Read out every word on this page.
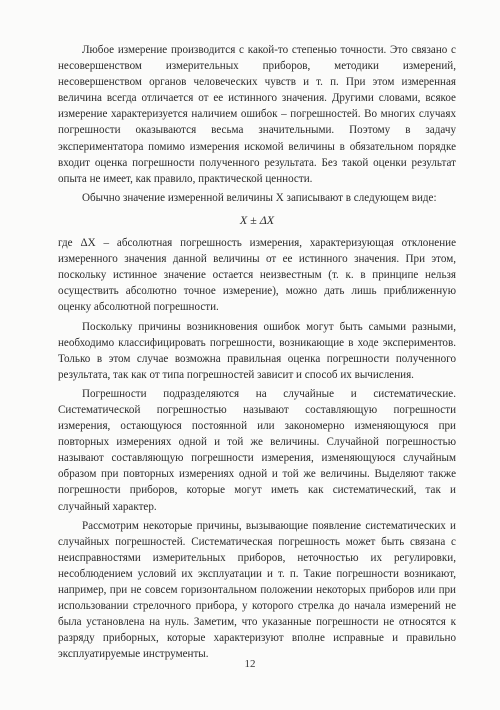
Любое измерение производится с какой-то степенью точности. Это связано с несовершенством измерительных приборов, методики измерений, несовершенством органов человеческих чувств и т. п. При этом измеренная величина всегда отличается от ее истинного значения. Другими словами, всякое измерение характеризуется наличием ошибок – погрешностей. Во многих случаях погрешности оказываются весьма значительными. Поэтому в задачу экспериментатора помимо измерения искомой величины в обязательном порядке входит оценка погрешности полученного результата. Без такой оценки результат опыта не имеет, как правило, практической ценности.

Обычно значение измеренной величины X записывают в следующем виде:

X ± ΔX

где ΔX – абсолютная погрешность измерения, характеризующая отклонение измеренного значения данной величины от ее истинного значения. При этом, поскольку истинное значение остается неизвестным (т. к. в принципе нельзя осуществить абсолютно точное измерение), можно дать лишь приближенную оценку абсолютной погрешности.

Поскольку причины возникновения ошибок могут быть самыми разными, необходимо классифицировать погрешности, возникающие в ходе экспериментов. Только в этом случае возможна правильная оценка погрешности полученного результата, так как от типа погрешностей зависит и способ их вычисления.

Погрешности подразделяются на случайные и систематические. Систематической погрешностью называют составляющую погрешности измерения, остающуюся постоянной или закономерно изменяющуюся при повторных измерениях одной и той же величины. Случайной погрешностью называют составляющую погрешности измерения, изменяющуюся случайным образом при повторных измерениях одной и той же величины. Выделяют также погрешности приборов, которые могут иметь как систематический, так и случайный характер.

Рассмотрим некоторые причины, вызывающие появление систематических и случайных погрешностей. Систематическая погрешность может быть связана с неисправностями измерительных приборов, неточностью их регулировки, несоблюдением условий их эксплуатации и т. п. Такие погрешности возникают, например, при не совсем горизонтальном положении некоторых приборов или при использовании стрелочного прибора, у которого стрелка до начала измерений не была установлена на нуль. Заметим, что указанные погрешности не относятся к разряду приборных, которые характеризуют вполне исправные и правильно эксплуатируемые инструменты.

12
